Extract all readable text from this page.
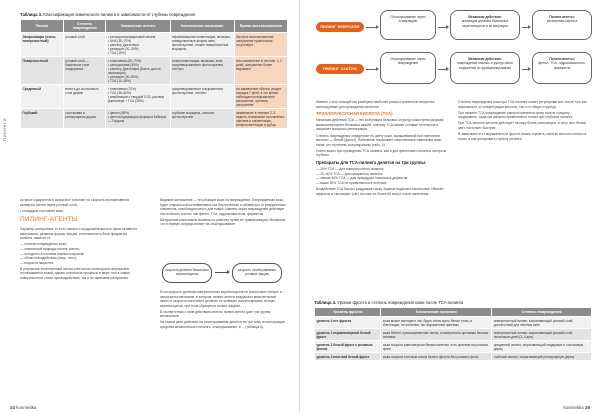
ПИЛИНГИ
Таблица 3. Классификация химического пилинга в зависимости от глубины повреждения
Пилинг	Степень повреждения	Химические агенты	Клинические показания	Время восстановления
Эксфолиация (очень поверхностный)	роговой слой	• резорцин/салициловый пилинг
• АНА (30–70%)
• раствор Джесснера
• резорцин (20–30%)
• ТСА (10%)	неравномерная пигментация, мелазма, комедональные формы акне, фотостарение, тонкие поверхностные морщины	быстрое восстановление, шелушение практически отсутствует
Поверхностный	роговой слой — базальные слои эпидермиса	• гликолевая (50–70%)
• салициловая (30%)
• раствор Джесснера (более долгое экспозиция)
• резорцин (30–50%)
• ТСА (10–30%)	гиперпигментация, мелазма, акне, средневыраженное фотостарение, лентиго	восстановление в течение 1–2 дней, шелушение более выражено
Срединный	вплоть до сосочкового слоя дермы	• гликолевая (70%)
• ТСА (35–50%)
• комбинация с твердой CO2, раствор Джесснера + ТСА (35%)	средневыраженное и выраженное фотостарение, лентиго	на заживление обычно уходит порядка 7 дней, в это время наблюдается выраженное шелушение, эритема, шелушение
Глубокий	сосочковая и ретикулярная дерма	• фенол (88%)
• фенолсодержащая формула Бейкера — Гордона	глубокие морщины, сильное фотостарение	заживление в течение 2–3 недель, возможные осложнения: эритема и пигментация, гиперпигментация и рубцы

которые кодируются в сыворотке и влияют на скорость проникновения активного агента через роговой слой;

• площадью состояния кожи.

ПИЛИНГ-АГЕНТЫ

Характер шелушения, то есть начало и продолжительность фазы активного шелушения, размеры формы чешуек, интенсивность боли придаются пилинга, зависят от:

— степени повреждения кожи;
— химической природы пилинг-агента;
— исходного состояния кожных покровов;
— области воздействия (лицо, тело);
— возраста пациента.

В результате естественный сигнал клеточного потенциала непрерывно отслеживается кожей, однако клеточные процессы в мере того в самых поверхностных слоях при воздействии, так и не замечаем шелушения.

Видимое шелушение — это реакция кожи на повреждение. Поврежденная кожа будет стараться восстанавливать как биологически и избавиться от разрушенных элементов, освобождая место для новых. Именно через повреждение действует почти пилинг агенты, как фенол, ТСА, гидроксикислоты, ферменты.

Шелушение кожи можно вызвать по-разному путем ее травматизации. Механизм, что в первую очередь влияет на отшелушивание:

скорость деления базальных кератиноцитов
скорость отшелушивания роговых чешуек

Если скорость деления поверхностных кератиноцитов не восполняет потери, и ... запускается механизм, в котором, пилинг-агенты разрушают межклеточные связи, и скорость клеточного деления не успевает компенсировать потерю кератиноцитов, при этом образуется пилинг-эффект.

В соответствии с этим действием агенты пилинг-агента дает три группы механизмов.

На самом деле действие на отшелушивание делится на три типа, использующие средства механического пилинга, отшелушивание, и ... (таблица 4).

24 kosmetika
ПИЛИНГ НЕКРОЗОМ
Отшелушивание через стимуляцию
Механизм действия:
активация деления базальных кератиноцитов и их миграции
Пилинг-агенты:
ретиноевая кислота
ПИЛИНГ СХАТОМ
Отшелушивание через повреждение
Механизм действия:
повреждение кожных структур и/или нарушение их функционирования
Пилинг-агенты:
фенол, ТСА, гидроксикислоты, ферменты

Именно с этих позиций мы разберем наиболее распространенные вещества, используемые для проведения пилингов.

ТРИХЛОРУКСУСНАЯ КИСЛОТА (ТСА)

Механизм действия ТСА — это коагуляция белковых структур кожи путем разрыва межмолекулярных белковых связей, поэтому ТСА-пилинг основан на некрозе и запускает процессы регенерации.

Степень повреждения определяют по цвету кожи, окрашиваемой при нанесении кислоты — белый (фрост). Побеление показывает качественные изменения кожи, такие, что протеины коагулированы (табл. 4).

Очень важно при проведении ТСА-пилинга, как и для фенолового пилинга, контроль глубины.

Препараты для ТСА-пилинга делятся на три группы:

— 20% ТСА — для поверхностного пилинга;
— 20–40% ТСА — для срединного пилинга;
— свыше 40% ТСА — для процедуры локальных дефектов;
— выше 50% ТСА не применяются в эстетике.

Воздействие ТСА быстро раздражает кожу. Кожные подкожно-тактильные «белые» эффекты и «вспышки» (см.) на коже не более 60 минут после нанесения.

Степень повреждения кожи при ТСА-пилинге может регулироваться: после того как зависимость от концентрации кислоты, так и от общих структур.

При пилинге ТСА повреждение распространяется сразу на всю толщину эпидермиса, тогда как фенолы применяются только при глубоком пилинге.

При ТСА-пилинге кислота действует на кожу более равномерно, в силу чего белый цвет, поступает быстрее.

В зависимости от выраженности фроста можно оценить, сколько кислоты попало в ткани, и контролировать глубину пилинга.

Таблица 4. Уровни фроста и степень повреждения кожи после ТСА-пилинга
Уровень фроста	Клинические признаки	Степень повреждения
уровень 0 нет фроста	кожа может выглядеть так, будто очень мало белых точек, в блестящие, ни эпителия, нет выраженной эритемы	поверхностный пилинг, затрагивающий роговой слой, достаточный для лечения акне
уровень 1 неравномерный белый фрост	кожа белеет, кратковременные пятна, а поверхность крепкими белыми пятнами	поверхностный пилинг, затрагивающий роговой слой, нескольких дней (1–4 дня)
уровень 2 белый фрост с розовым фоном	кожа покрыта равномерным белым налетом, есть эритема на розовом фоне	срединный пилинг, затрагивающий эпидермис и сосочковую дерму
уровень 3 плотный белый фрост	кожа покрыта плотным слоем белого фроста без розового фона	глубокий пилинг, затрагивающий ретикулярную дерму
kosmetika 25
